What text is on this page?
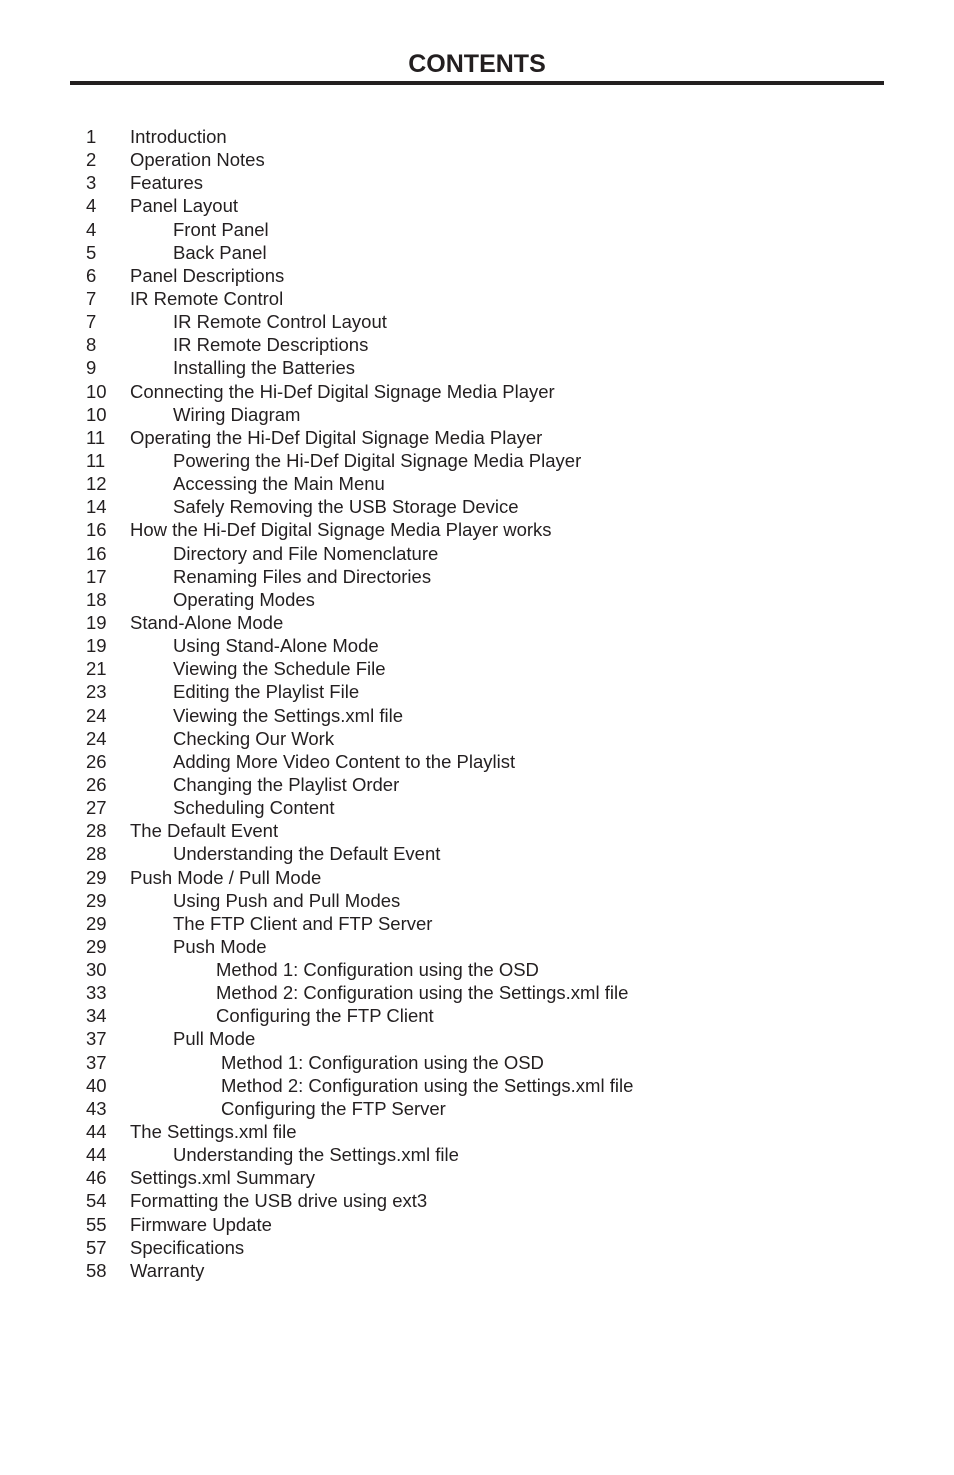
CONTENTS
1 Introduction
2 Operation Notes
3 Features
4 Panel Layout
4	Front Panel
5	Back Panel
6 Panel Descriptions
7 IR Remote Control
7	IR Remote Control Layout
8	IR Remote Descriptions
9	Installing the Batteries
10 Connecting the Hi-Def Digital Signage Media Player
10	Wiring Diagram
11 Operating the Hi-Def Digital Signage Media Player
11	Powering the Hi-Def Digital Signage Media Player
12	Accessing the Main Menu
14	Safely Removing the USB Storage Device
16 How the Hi-Def Digital Signage Media Player works
16	Directory and File Nomenclature
17	Renaming Files and Directories
18	Operating Modes
19 Stand-Alone Mode
19	Using Stand-Alone Mode
21	Viewing the Schedule File
23	Editing the Playlist File
24	Viewing the Settings.xml file
24	Checking Our Work
26	Adding More Video Content to the Playlist
26	Changing the Playlist Order
27	Scheduling Content
28 The Default Event
28	Understanding the Default Event
29 Push Mode / Pull Mode
29	Using Push and Pull Modes
29	The FTP Client and FTP Server
29	Push Mode
30	Method 1: Configuration using the OSD
33	Method 2: Configuration using the Settings.xml file
34	Configuring the FTP Client
37	Pull Mode
37	Method 1: Configuration using the OSD
40	Method 2: Configuration using the Settings.xml file
43	Configuring the FTP Server
44 The Settings.xml file
44	Understanding the Settings.xml file
46 Settings.xml Summary
54 Formatting the USB drive using ext3
55 Firmware Update
57 Specifications
58 Warranty
